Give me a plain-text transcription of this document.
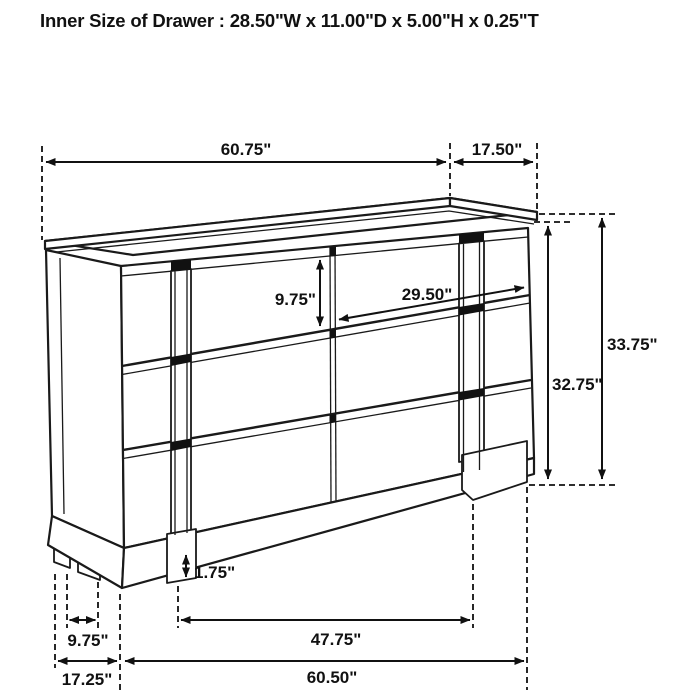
Inner Size of Drawer : 28.50"W x 11.00"D x 5.00"H x 0.25"T
60.75"	17.50"
9.75"	29.50"
32.75"
33.75"
1.75"
9.75"	47.75"
17.25"	60.50"
